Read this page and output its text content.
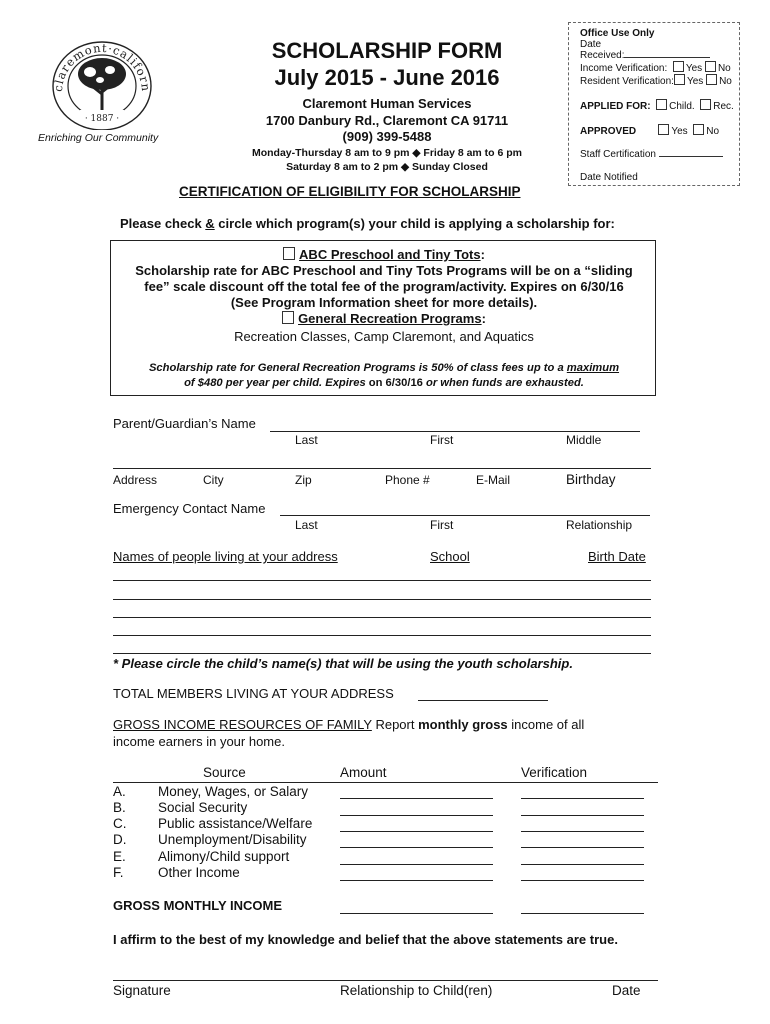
claremont·californ
· 1887 ·
Enriching Our Community
SCHOLARSHIP FORM
July 2015 - June 2016
Claremont Human Services
1700 Danbury Rd., Claremont CA 91711
(909) 399-5488
Monday-Thursday 8 am to 9 pm ◆ Friday 8 am to 6 pm
Saturday 8 am to 2 pm ◆ Sunday Closed
Office Use Only
Date
Received:
Income Verification: Yes No
Resident Verification: Yes No
APPLIED FOR: Child. Rec.
APPROVED	Yes No
Staff Certification
Date Notified
CERTIFICATION OF ELIGIBILITY FOR SCHOLARSHIP
Please check & circle which program(s) your child is applying a scholarship for:
ABC Preschool and Tiny Tots:
Scholarship rate for ABC Preschool and Tiny Tots Programs will be on a “sliding
fee” scale discount off the total fee of the program/activity. Expires on 6/30/16
(See Program Information sheet for more details).
General Recreation Programs:
Recreation Classes, Camp Claremont, and Aquatics
Scholarship rate for General Recreation Programs is 50% of class fees up to a maximum
of $480 per year per child. Expires on 6/30/16 or when funds are exhausted.
Parent/Guardian’s Name
Last	First	Middle
Address	City	Zip	Phone #	E-Mail	Birthday
Emergency Contact Name
Last	First	Relationship
Names of people living at your address	School	Birth Date
* Please circle the child’s name(s) that will be using the youth scholarship.
TOTAL MEMBERS LIVING AT YOUR ADDRESS
GROSS INCOME RESOURCES OF FAMILY Report monthly gross income of all
income earners in your home.
Source	Amount	Verification
A. Money, Wages, or Salary
B. Social Security
C. Public assistance/Welfare
D. Unemployment/Disability
E. Alimony/Child support
F.	Other Income
GROSS MONTHLY INCOME
I affirm to the best of my knowledge and belief that the above statements are true.
Signature	Relationship to Child(ren)	Date
